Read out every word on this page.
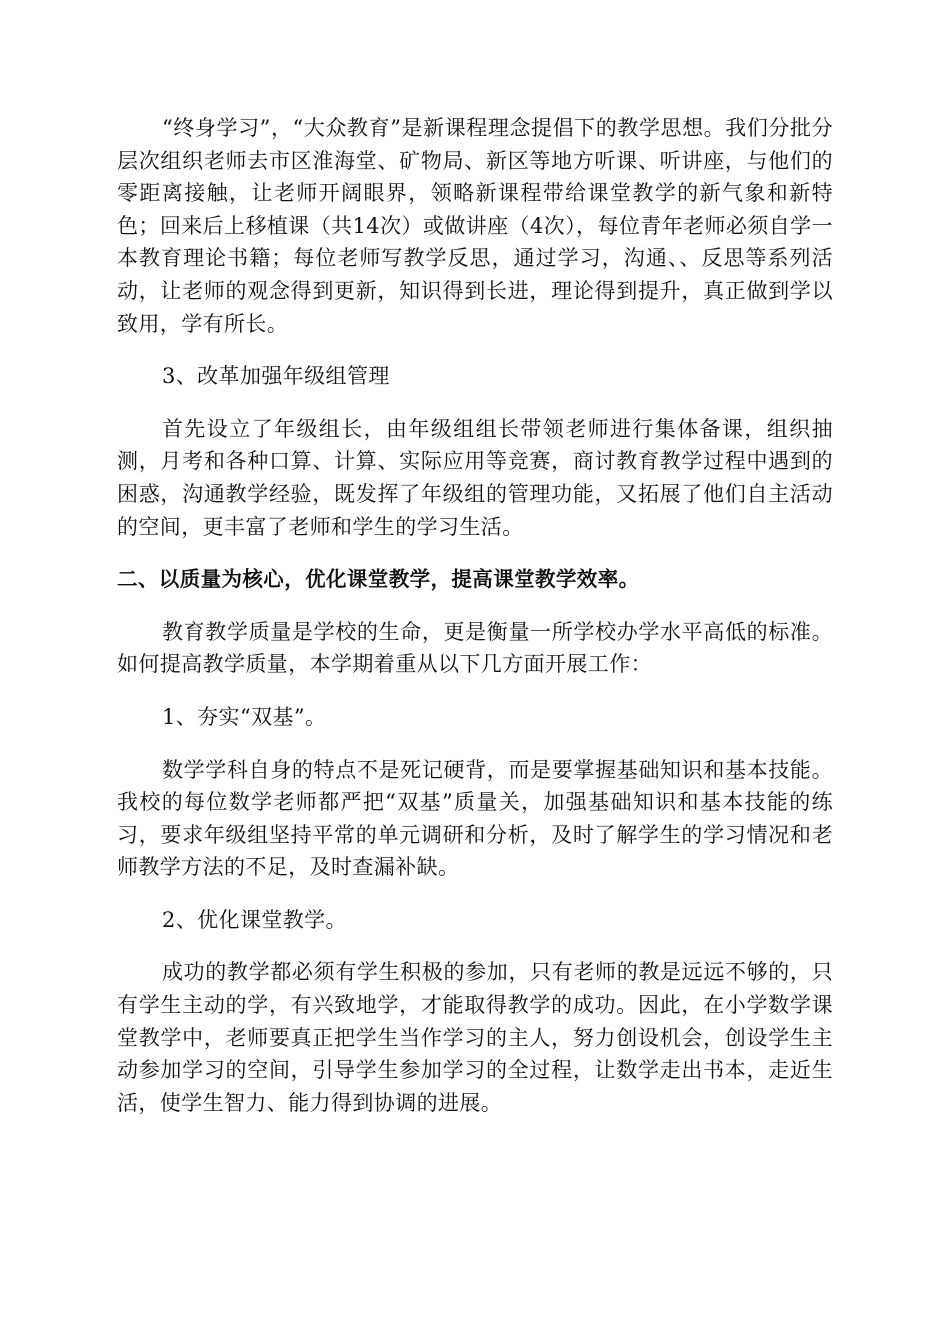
“终身学习”，“大众教育”是新课程理念提倡下的教学思想。我们分批分层次组织老师去市区淮海堂、矿物局、新区等地方听课、听讲座，与他们的零距离接触，让老师开阔眼界，领略新课程带给课堂教学的新气象和新特色；回来后上移植课（共14次）或做讲座（4次），每位青年老师必须自学一本教育理论书籍；每位老师写教学反思，通过学习，沟通、、反思等系列活动，让老师的观念得到更新，知识得到长进，理论得到提升，真正做到学以致用，学有所长。

3、改革加强年级组管理

首先设立了年级组长，由年级组组长带领老师进行集体备课，组织抽测，月考和各种口算、计算、实际应用等竞赛，商讨教育教学过程中遇到的困惑，沟通教学经验，既发挥了年级组的管理功能，又拓展了他们自主活动的空间，更丰富了老师和学生的学习生活。

二、以质量为核心，优化课堂教学，提高课堂教学效率。

教育教学质量是学校的生命，更是衡量一所学校办学水平高低的标准。如何提高教学质量，本学期着重从以下几方面开展工作：

1、夯实“双基”。

数学学科自身的特点不是死记硬背，而是要掌握基础知识和基本技能。我校的每位数学老师都严把“双基”质量关，加强基础知识和基本技能的练习，要求年级组坚持平常的单元调研和分析，及时了解学生的学习情况和老师教学方法的不足，及时查漏补缺。

2、优化课堂教学。

成功的教学都必须有学生积极的参加，只有老师的教是远远不够的，只有学生主动的学，有兴致地学，才能取得教学的成功。因此，在小学数学课堂教学中，老师要真正把学生当作学习的主人，努力创设机会，创设学生主动参加学习的空间，引导学生参加学习的全过程，让数学走出书本，走近生活，使学生智力、能力得到协调的进展。
